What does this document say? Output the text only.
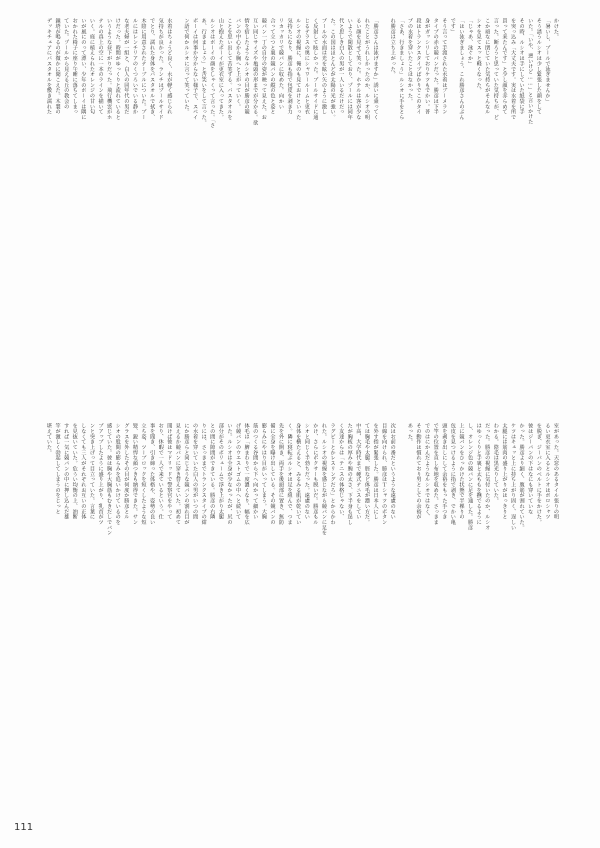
かけた。
「暑いし、プールで泳ぎませんか」
そう誘うルシオは少し緊張した顔をして
いた。「いや、悪いけど……」と言いかけた
その時、ルシオは手にしていた紙袋に手
を突っ込み「大丈夫です。実は水着を所で
買って来たんです」と少し顔を赤らめて
言った。断ろうと思っていた気持ちが、ど
こか頑なに閉じていた気持ちがそんなル
シオを見てスッと軽くなった。
「じゃあ、泳ぐか」
「はい泳ぎましょう、これ勝彦さんのぶん
です」
そう言って手渡された水着はブーメラン
タイプの赤の競パンだった。勝彦は下半
身がガッシリしておりケツもでかい。普
段はトランクスタイプばかりでこのタイ
プの水着を穿いたことはなかった。
「さあ、行きましょう」ルシオに手をとら
れ勝彦は立ち上がった。
「勝彦さんは泳げますか」誘いに乗ってく
れたことがうれしかったのか、ルシオの明
るい顔を見せて笑った。ホテルは客が少な
いようで閑散としており、プールには同年
代と思しき白人の男が一人いるだけだっ
た。この国はほとんどが太陽の光が強い。
プールの水面は光を眩い矢のように激し
く反射して眩しかった。プールサイドに通
じるテラスの奥にシャワールームと更衣
ルシオの視線に、俺のも見ておけといった
気持ちになり、勝彦も指で包皮を剥き力
リカッカリで競パンに収めた。向かい
合って立つと裏の競パンの縦の色と姿と
競パン一丁の自分の姿が映って見えた。お
互い同じサイズや亀頭の形までが分かる。欲
情を宿したようなルシオの目が勝彦の競
パンの中心から胸へと上がっていく。
ことを思い出して苦笑する。バスタオルを
山と抱えたボーイが更衣室に入ってきた。
ルシオはボーイの顔をしゃくって言った。「さ
あ、行きましょう」と苦笑いをして言った。
ボーイは何事か分からない様子で、スペイ
ン語で何かルシオに言って笑っていた。
水着はちょうど良く、水が軽く感じられ
気持ちが良かった。ランチはプールサイド
でとり、濡れた身体をバスタオルで拭き、
木陰に用意されたテーブルについた。プー
ルにはレンチリアのくつろいでいる静か
な老夫婦が一組と、白人の同年代の男だ
けだった。時間がゆっくりと流れていると
いうような昼下がりだった。飛行機雲がホ
テルの真上の空に一本のラインを描いて
いく。庭に植えられたオレンジの甘い匂
いが風にのって漂い、少年のボーイは隅に
おかれた椅子に座り午睡に落ちてしまっ
ていた。プールから見える丘の教会の
鐘塔が鳴るのが微かに聞こえた。木製の
デッキチェアにバスタオルを敷き濡れた
室があった。天窓のあるタイル張りの明
るい更衣室に入るとルシオはポロシャツ
を脱ぎ、ジーパンのベルトに手をかけた。
彼はジーパンの下はなにも穿いていな
かった。勝彦より細く、腹筋が割れていた。
ケツはキュッと上に持ち上がり固く、逞しい
太腿には筋肉の盛り上がりがはっきりと
わかる。陰毛は黒光りしていた。
だった。勝彦の視線に気付いたのか、ルシオ
はゆっくりと手裏と太ももを撫でるように
し、オレンジ色の競パンに足を通した。勝彦
上に競パンをひっかけた状態で半裸りの
包皮を見つけるように指で剥き、でかい亀
頭を剥き出しにして余裕をもった手つき
で竿の位置を直し布地を収めた。さっきま
でのはにかんだようなルシオではなく、
その動作は慣れており男としての余裕が
あった。
次はお前の番だというような遠慮のない
目線を向けられ、勝彦はＴシャツのボタン
を外す指が緊張した。勝彦は日本人にし
ては胸毛や太腿、脛など体毛が濃い方だ。
中高、大学時代まで硬式テニスをしてい
たが胸板の厚みや腕の太さ、下半身も逞し
く友達からは「テニスの体格じゃない、
ラグビーとかレスリングだろ」とからかわ
れた。ルシオの視線を感じながら競パンに足を
かけ、さらにボクサーも脱いだ。勝彦もル
シオと同じく半勃ちだった。遠慮のない
身体を横たえると、みるみる肌が乾いてい
く。隣に寝転ぶルシオは足を組んで、つま
先を外に開き、両手を後頭部に置き、無防
備に全身を曝け出している。その競パンの
膨らみにやはり目がいってしまう。大胸
筋のつくる谷間から下へ向かって細かい
体毛は「臍まわりで一度濃くなり、幅を広
げ競パンのウエストゴムの中へと続いて
いた。ルシオは全身が少なかったが、尻の
部分がそのボリュームで浮き上がり太腿
との間に隙間ができている。勝彦の右隣
りには、さっきまでトランクスタイプの紺
の水着を穿いていた白人の男がいつの間
にか勝彦らと同じような競パンの割れ目が
見えるか競パンに穿き替えていた。初めて
聞けば彼はマドリッドで警察官をやって
おり、休暇で一人で来ているという。仕
事を聞き、引き締った体格や、姿勢の良い
立ち姿、ツーブロックを短くしたような短
髪、鋭い精悍な顔つきも納得できた。サン
グラスを外したその目が何度か勝彦とル
シオの股間の膨らみを追いかけているのを
感じていた。彼は胸や大胸筋もむきだしでパン
プアップしたように盛り上がり、乳首がツ
ンと突き上げって目立っていた。言葉に
しなくても三人がそれぞれお互いの正体
を見抜いていた。危うい均衡の上、油断
すれば一気に競パンの中に押し込んだ雄
竿が激しく勃起してしまうのをじっと
堪えていた。
111
